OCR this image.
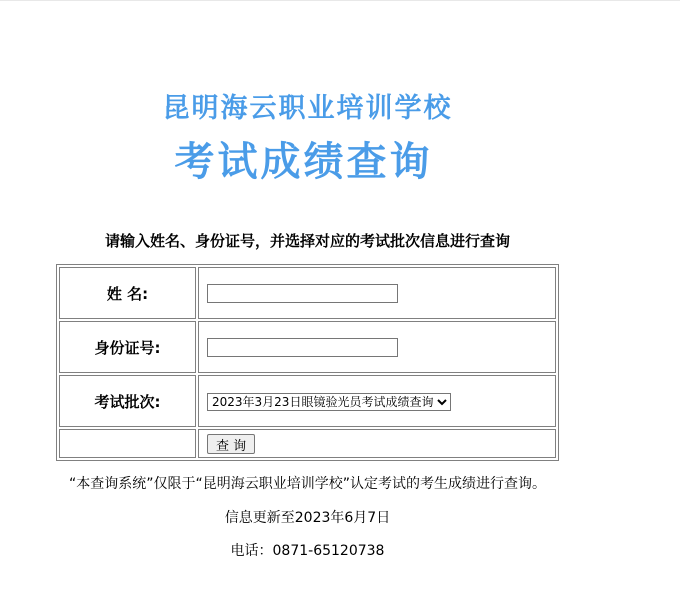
昆明海云职业培训学校
考试成绩查询
请输入姓名、身份证号，并选择对应的考试批次信息进行查询
姓 名:	
身份证号:	
考试批次:	
2023年3月23日眼镜验光员考试成绩查询
	查 询
“本查询系统”仅限于“昆明海云职业培训学校”认定考试的考生成绩进行查询。
信息更新至2023年6月7日
电话：0871-65120738
